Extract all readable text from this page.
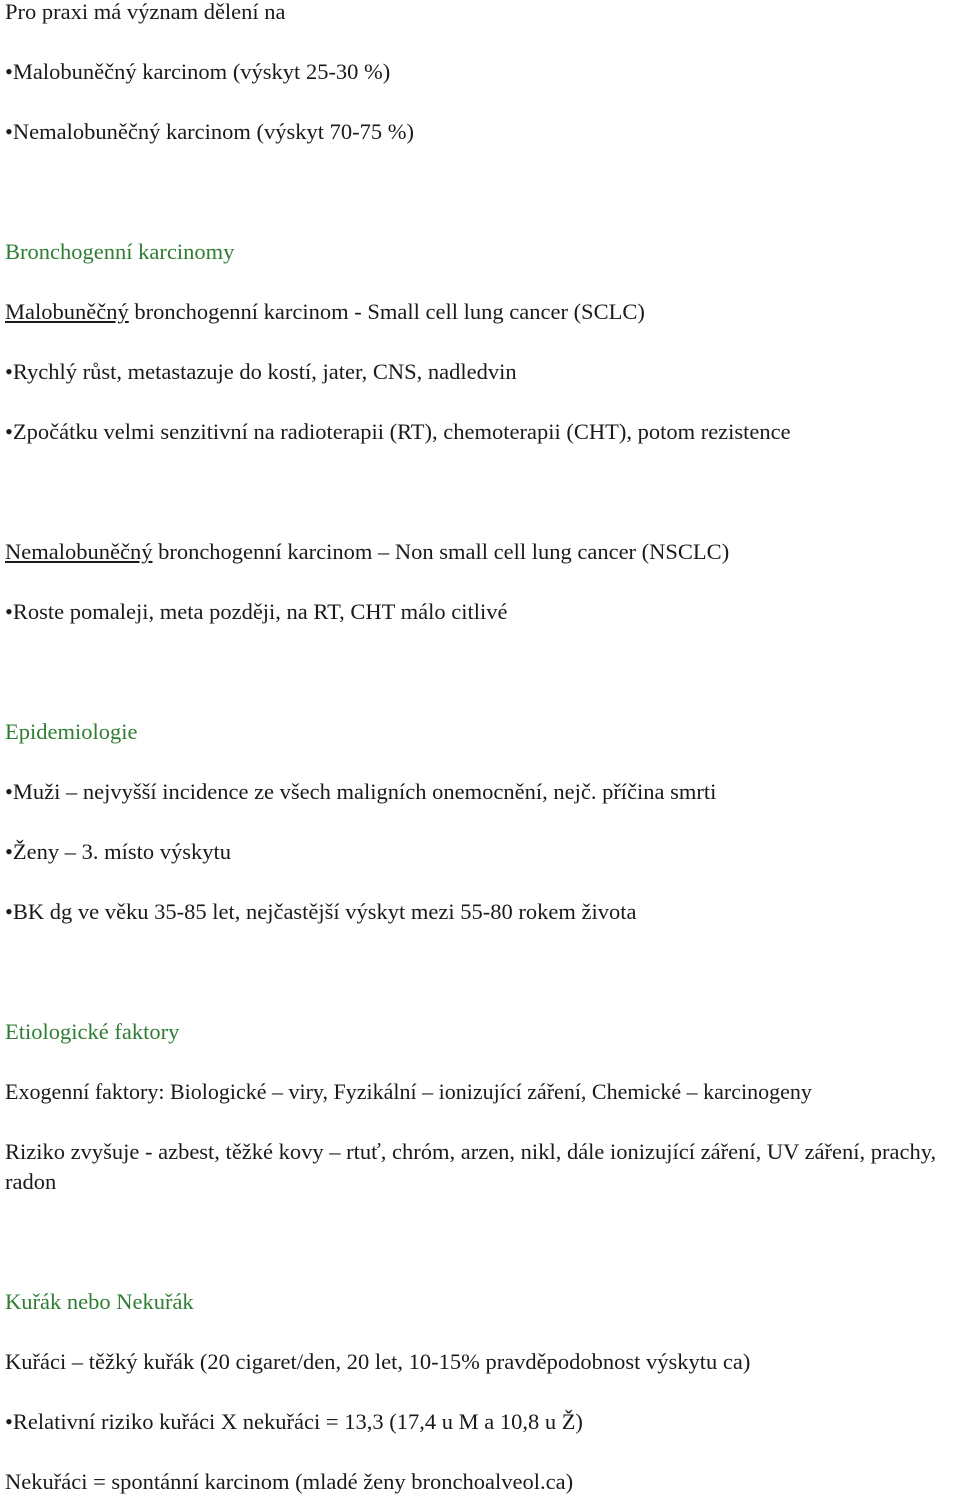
Pro praxi má význam dělení na

•Malobuněčný karcinom (výskyt 25-30 %)

•Nemalobuněčný karcinom (výskyt 70-75 %)

Bronchogenní karcinomy

Malobuněčný bronchogenní karcinom - Small cell lung cancer (SCLC)

•Rychlý růst, metastazuje do kostí, jater, CNS, nadledvin

•Zpočátku velmi senzitivní na radioterapii (RT), chemoterapii (CHT), potom rezistence

Nemalobuněčný bronchogenní karcinom – Non small cell lung cancer (NSCLC)

•Roste pomaleji, meta později, na RT, CHT málo citlivé

Epidemiologie

•Muži – nejvyšší incidence ze všech maligních onemocnění, nejč. příčina smrti

•Ženy – 3. místo výskytu

•BK dg ve věku 35-85 let, nejčastější výskyt mezi 55-80 rokem života

Etiologické faktory

Exogenní faktory: Biologické – viry, Fyzikální – ionizující záření, Chemické – karcinogeny

Riziko zvyšuje - azbest, těžké kovy – rtuť, chróm, arzen, nikl, dále ionizující záření, UV záření, prachy, radon

Kuřák nebo Nekuřák

Kuřáci – těžký kuřák (20 cigaret/den, 20 let, 10-15% pravděpodobnost výskytu ca)

•Relativní riziko kuřáci X nekuřáci = 13,3 (17,4 u M a 10,8 u Ž)

Nekuřáci = spontánní karcinom (mladé ženy bronchoalveol.ca)
